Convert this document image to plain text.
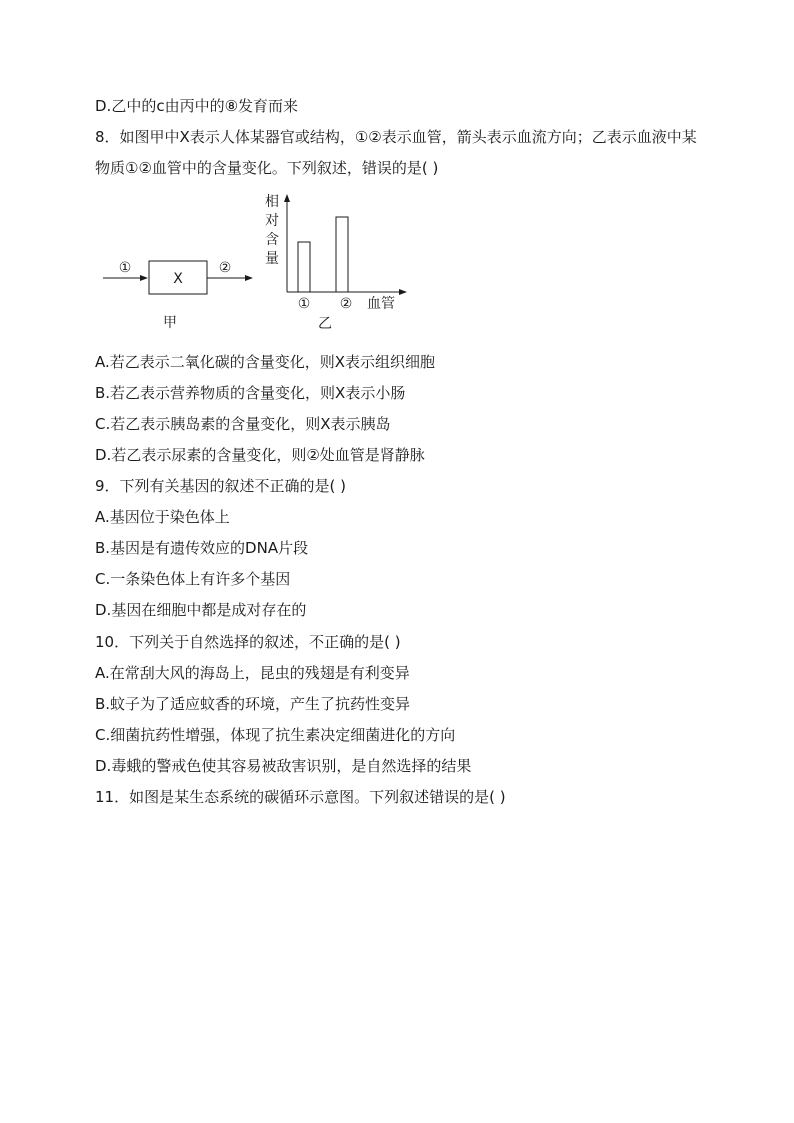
D.乙中的c由丙中的⑧发育而来
8．如图甲中X表示人体某器官或结构，①②表示血管，箭头表示血流方向；乙表示血液中某物质①②血管中的含量变化。下列叙述，错误的是( )
①
X
②
甲
相
对
含
量
① ② 血管
乙
A.若乙表示二氧化碳的含量变化，则X表示组织细胞
B.若乙表示营养物质的含量变化，则X表示小肠
C.若乙表示胰岛素的含量变化，则X表示胰岛
D.若乙表示尿素的含量变化，则②处血管是肾静脉
9．下列有关基因的叙述不正确的是( )
A.基因位于染色体上
B.基因是有遗传效应的DNA片段
C.一条染色体上有许多个基因
D.基因在细胞中都是成对存在的
10．下列关于自然选择的叙述，不正确的是( )
A.在常刮大风的海岛上，昆虫的残翅是有利变异
B.蚊子为了适应蚊香的环境，产生了抗药性变异
C.细菌抗药性增强，体现了抗生素决定细菌进化的方向
D.毒蛾的警戒色使其容易被敌害识别，是自然选择的结果
11．如图是某生态系统的碳循环示意图。下列叙述错误的是( )
